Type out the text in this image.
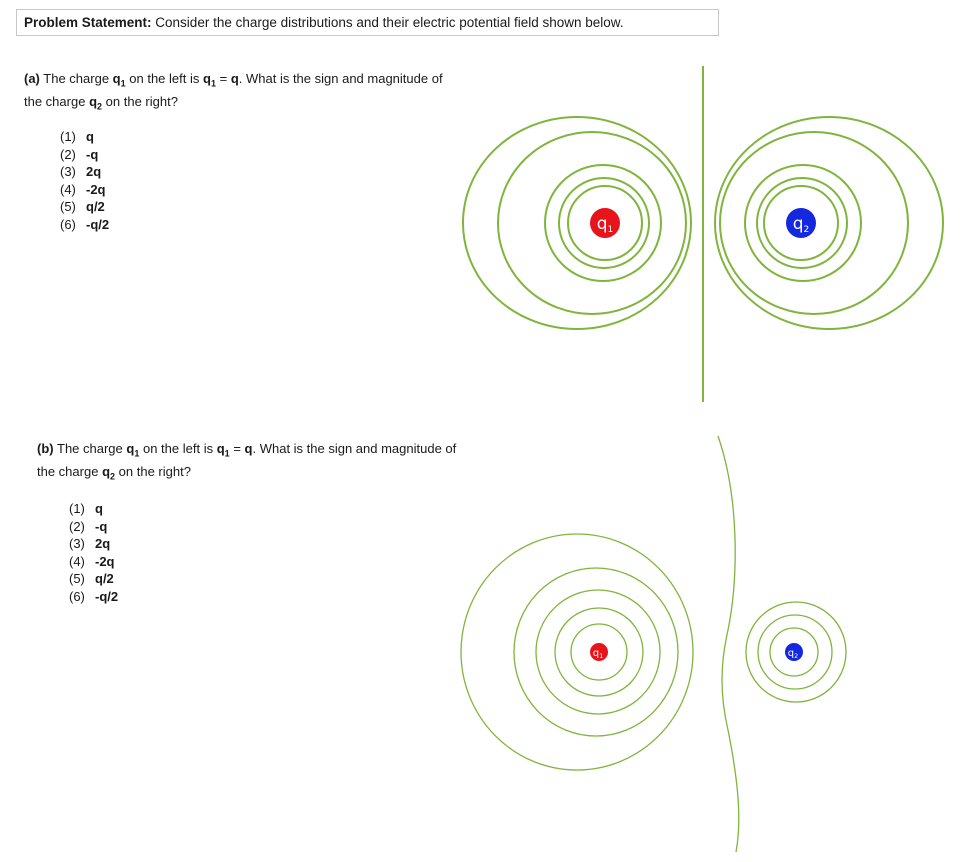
Problem Statement: Consider the charge distributions and their electric potential field shown below.
(a) The charge $q_1$ on the left is $q_1 = q$. What is the sign and magnitude of the charge $q_2$ on the right?
(1) q
(2) -q
(3) 2q
(4) -2q
(5) q/2
(6) -q/2
(b) The charge $q_1$ on the left is $q_1 = q$. What is the sign and magnitude of the charge $q_2$ on the right?
(1) q
(2) -q
(3) 2q
(4) -2q
(5) q/2
(6) -q/2
q1	q2
$q_1$	$q_2$
